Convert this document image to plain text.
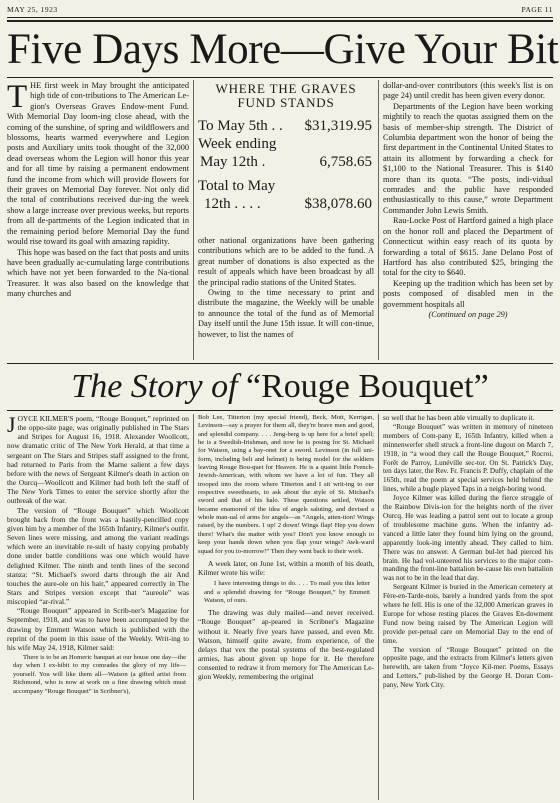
MAY 25, 1923	PAGE 11
Five Days More—Give Your Bit

THE first week in May brought the anticipated high tide of con-tributions to The American Le-gion's Overseas Graves Endow-ment Fund. With Memorial Day loom-ing close ahead, with the coming of the sunshine, of spring and wildflowers and blossoms, hearts warmed everywhere and Legion posts and Auxiliary units took thought of the 32,000 dead overseas whom the Legion will honor this year and for all time by raising a permanent endowment fund the income from which will provide flowers for their graves on Memorial Day forever. Not only did the total of contributions received dur-ing the week show a large increase over previous weeks, but reports from all de-partments of the Legion indicated that in the remaining period before Memorial Day the fund would rise toward its goal with amazing rapidity.

This hope was based on the fact that posts and units have been gradually ac-cumulating large contributions which have not yet been forwarded to the Na-tional Treasurer. It was also based on the knowledge that many churches and

WHERE THE GRAVES FUND STANDS
To May 5th . . $31,319.95
Week ending
May 12th .	6,758.65
Total to May
12th . . . .	$38,078.60

other national organizations have been gathering contributions which are to be added to the fund. A great number of donations is also expected as the result of appeals which have been broadcast by all the principal radio stations of the United States.

Owing to the time necessary to print and distribute the magazine, the Weekly will be unable to announce the total of the fund as of Memorial Day itself until the June 15th issue. It will con-tinue, however, to list the names of

dollar-and-over contributors (this week's list is on page 24) until credit has been given every donor.

Departments of the Legion have been working mightily to reach the quotas assigned them on the basis of member-ship strength. The District of Columbia department won the honor of being the first department in the Continental United States to attain its allotment by forwarding a check for $1,100 to the National Treasurer. This is $140 more than its quota. “The posts, indi-vidual comrades and the public have responded enthusiastically to this cause,” wrote Department Commander John Lewis Smith.

Rau-Locke Post of Hartford gained a high place on the honor roll and placed the Department of Connecticut within easy reach of its quota by forwarding a total of $615. Jane Delano Post of Hartford has also contributed $25, bringing the total for the city to $640.

Keeping up the tradition which has been set by posts composed of disabled men in the government hospitals all

(Continued on page 29)

The Story of “Rouge Bouquet”

JOYCE KILMER'S poem, “Rouge Bouquet,” reprinted on the oppo-site page, was originally published in The Stars and Stripes for August 16, 1918. Alexander Woollcott, now dramatic critic of The New York Herald, at that time a sergeant on The Stars and Stripes staff assigned to the front, had returned to Paris from the Marne salient a few days before with the news of Sergeant Kilmer's death in action on the Ourcq—Woollcott and Kilmer had both left the staff of The New York Times to enter the service shortly after the outbreak of the war.

The version of “Rouge Bouquet” which Woollcott brought back from the front was a hastily-pencilled copy given him by a member of the 165th Infantry, Kilmer's outfit. Seven lines were missing, and among the variant readings which were an inevitable re-sult of hasty copying probably done under battle conditions was one which would have delighted Kilmer. The ninth and tenth lines of the second stanza: “St. Michael's sword darts through the air And touches the aure-ole on his hair,” appeared correctly in The Stars and Stripes version except that “aureole” was miscopied “ar-rival.”

“Rouge Bouquet” appeared in Scrib-ner's Magazine for September, 1918, and was to have been accompanied by the drawing by Emmett Watson which is published with the reprint of the poem in this issue of the Weekly. Writ-ing to his wife May 24, 1918, Kilmer said:

There is to be an Homeric banquet at our house one day—the day when I ex-hibit to my comrades the glory of my life—yourself. You will like them all—Watson (a gifted artist from Richmond, who is now at work on a fine drawing which must accompany “Rouge Bouquet” in Scribner's),

Bob Lee, Titterton (my special friend), Beck, Mott, Kerrigan, Levinson—say a prayer for them all, they're brave men and good, and splendid company. . . . Jeng-berg is up here for a brief spell; he is a Swedish-Irishman, and now he is posing for St. Michael for Watson, using a bay-onet for a sword. Levinson (in full uni-form, including belt and helmet) is being model for the soldiers leaving Rouge Bou-quet for Heaven. He is a quaint little French-Jewish-American, with whom we have a lot of fun. They all trooped into the room where Titterton and I sit writ-ing to our respective sweethearts, to ask about the style of St. Michael's sword and that of his halo. These questions settled, Watson became enamored of the idea of angels saluting, and devised a whole man-ual of arms for angels—as “Angels, atten-tion! Wings raised, by the numbers. 1 up! 2 down! Wings flap! Hep you down there! What's the matter with you? Don't you know enough to keep your hands down when you flap your wings? Awk-ward squad for you to-morrow!” Then they went back to their work.

A week later, on June 1st, within a month of his death, Kilmer wrote his wife:

I have interesting things to do. . . . To mail you this letter and a splendid drawing for “Rouge Bouquet,” by Emmett Watson, of ours.

The drawing was duly mailed—and never received. “Rouge Bouquet” ap-peared in Scribner's Magazine without it. Nearly five years have passed, and even Mr. Watson, himself quite aware, from experience, of the delays that vex the postal systems of the best-regulated armies, has about given up hope for it. He therefore consented to redraw it from memory for The American Le-gion Weekly, remembering the original

so well that he has been able virtually to duplicate it.

“Rouge Bouquet” was written in memory of nineteen members of Com-pany E, 165th Infantry, killed when a minnenwerfer shell struck a front-line dugout on March 7, 1918, in “a wood they call the Rouge Bouquet,” Rocroi, Forêt de Parroy, Lunéville sec-tor. On St. Patrick's Day, ten days later, the Rev. Fr. Francis P. Duffy, chaplain of the 165th, read the poem at special services held behind the lines, while a bugle played Taps in a neigh-boring wood.

Joyce Kilmer was killed during the fierce struggle of the Rainbow Divis-ion for the heights north of the river Ourcq. He was leading a patrol sent out to locate a group of troublesome machine guns. When the infantry ad-vanced a little later they found him lying on the ground, apparently look-ing intently ahead. They called to him. There was no answer. A German bul-let had pierced his brain. He had vol-unteered his services to the major com-manding the front-line battalion be-cause his own battalion was not to be in the lead that day.

Sergeant Kilmer is buried in the American cemetery at Fère-en-Tarde-nois, barely a hundred yards from the spot where he fell. His is one of the 32,000 American graves in Europe for whose resting places the Graves En-dowment Fund now being raised by The American Legion will provide per-petual care on Memorial Day to the end of time.

The version of “Rouge Bouquet” printed on the opposite page, and the extracts from Kilmer's letters given herewith, are taken from “Joyce Kil-mer: Poems, Essays and Letters,” pub-lished by the George H. Doran Com-pany, New York City.
